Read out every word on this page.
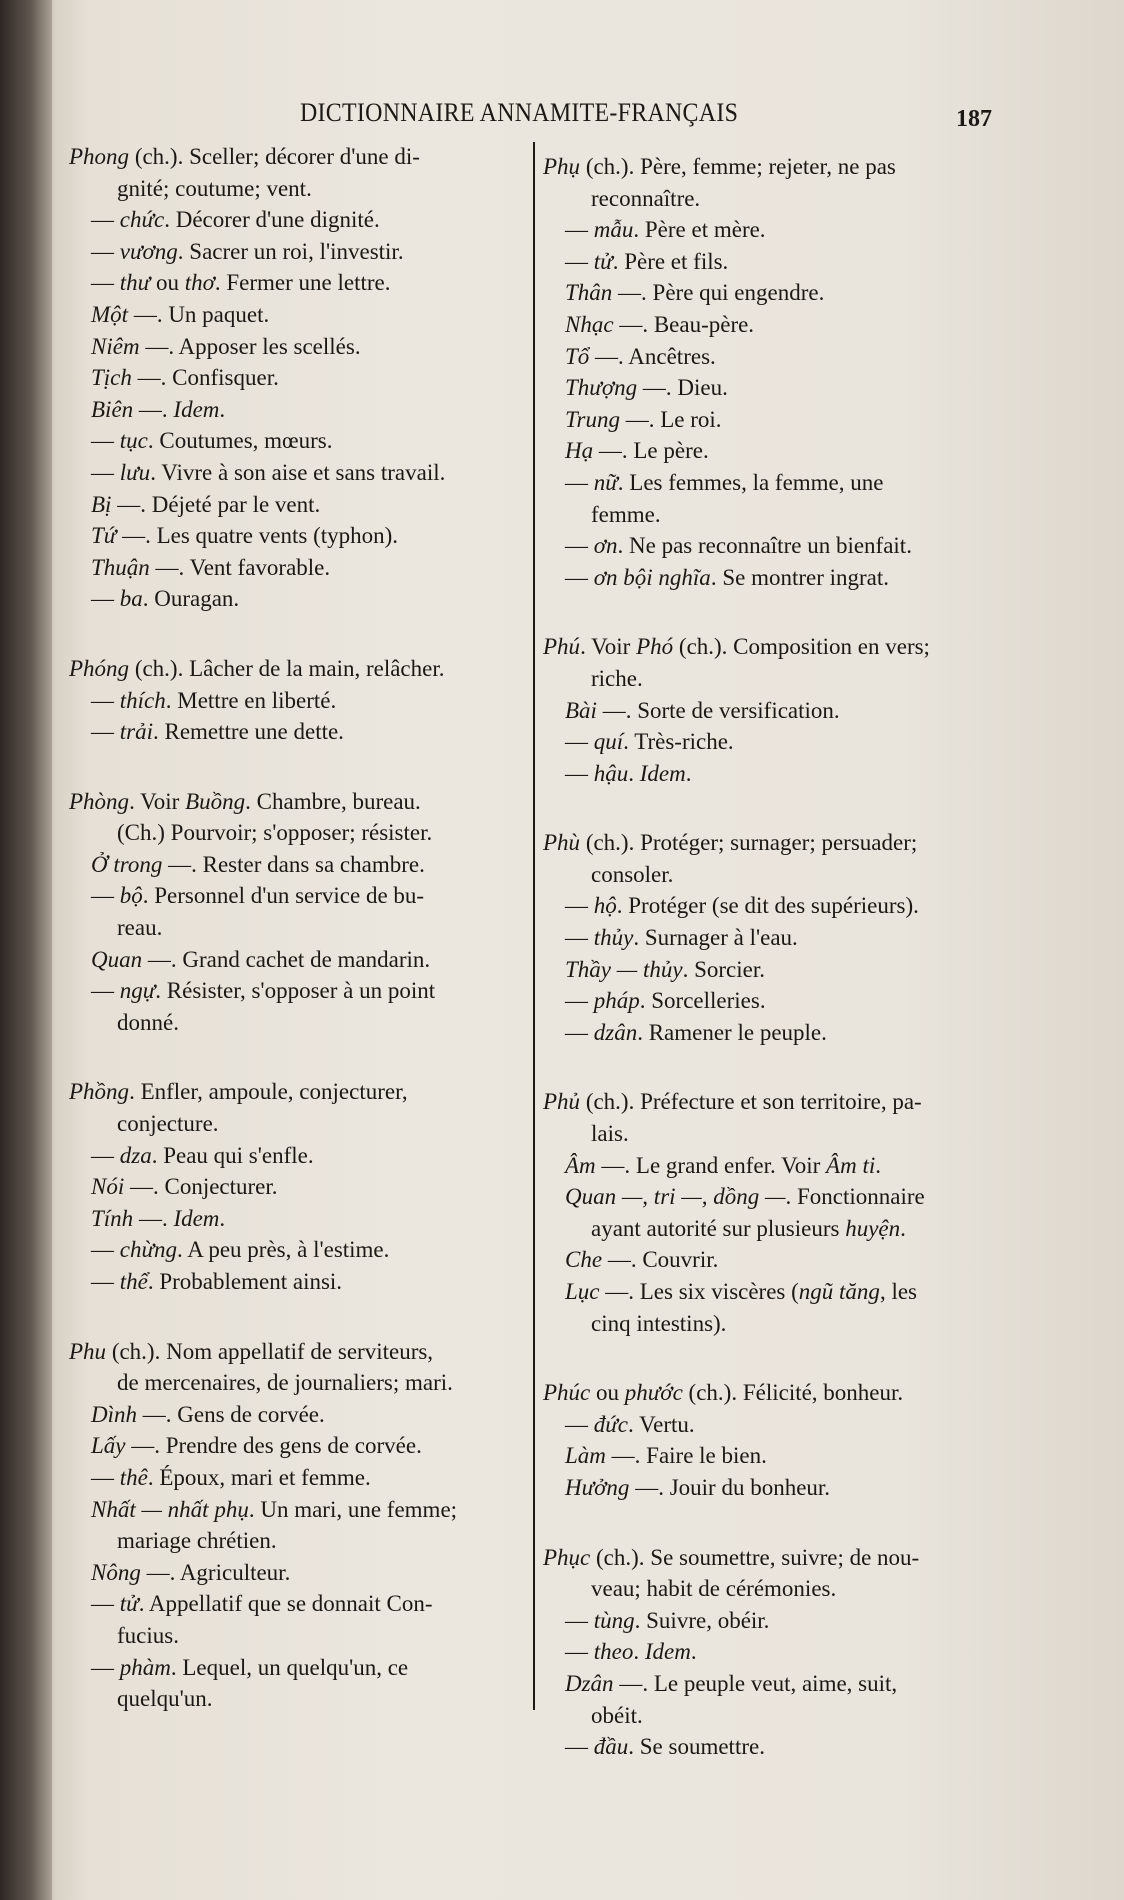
DICTIONNAIRE ANNAMITE-FRANÇAIS	187
Phong (ch.). Sceller; décorer d'une di-
gnité; coutume; vent.
— chức. Décorer d'une dignité.
— vương. Sacrer un roi, l'investir.
— thư ou thơ. Fermer une lettre.
Một —. Un paquet.
Niêm —. Apposer les scellés.
Tịch —. Confisquer.
Biên —. Idem.
— tục. Coutumes, mœurs.
— lưu. Vivre à son aise et sans travail.
Bị —. Déjeté par le vent.
Tứ —. Les quatre vents (typhon).
Thuận —. Vent favorable.
— ba. Ouragan.
Phóng (ch.). Lâcher de la main, relâcher.
— thích. Mettre en liberté.
— trải. Remettre une dette.
Phòng. Voir Buồng. Chambre, bureau.
(Ch.) Pourvoir; s'opposer; résister.
Ở trong —. Rester dans sa chambre.
— bộ. Personnel d'un service de bu-
reau.
Quan —. Grand cachet de mandarin.
— ngự. Résister, s'opposer à un point
donné.
Phồng. Enfler, ampoule, conjecturer,
conjecture.
— dza. Peau qui s'enfle.
Nói —. Conjecturer.
Tính —. Idem.
— chừng. A peu près, à l'estime.
— thể. Probablement ainsi.
Phu (ch.). Nom appellatif de serviteurs,
de mercenaires, de journaliers; mari.
Dình —. Gens de corvée.
Lấy —. Prendre des gens de corvée.
— thê. Époux, mari et femme.
Nhất — nhất phụ. Un mari, une femme;
mariage chrétien.
Nông —. Agriculteur.
— tử. Appellatif que se donnait Con-
fucius.
— phàm. Lequel, un quelqu'un, ce
quelqu'un.
Phụ (ch.). Père, femme; rejeter, ne pas
reconnaître.
— mẫu. Père et mère.
— tử. Père et fils.
Thân —. Père qui engendre.
Nhạc —. Beau-père.
Tổ —. Ancêtres.
Thượng —. Dieu.
Trung —. Le roi.
Hạ —. Le père.
— nữ. Les femmes, la femme, une
femme.
— ơn. Ne pas reconnaître un bienfait.
— ơn bội nghĩa. Se montrer ingrat.
Phú. Voir Phó (ch.). Composition en vers;
riche.
Bài —. Sorte de versification.
— quí. Très-riche.
— hậu. Idem.
Phù (ch.). Protéger; surnager; persuader;
consoler.
— hộ. Protéger (se dit des supérieurs).
— thủy. Surnager à l'eau.
Thầy — thủy. Sorcier.
— pháp. Sorcelleries.
— dzân. Ramener le peuple.
Phủ (ch.). Préfecture et son territoire, pa-
lais.
Âm —. Le grand enfer. Voir Âm ti.
Quan —, tri —, dồng —. Fonctionnaire
ayant autorité sur plusieurs huyện.
Che —. Couvrir.
Lục —. Les six viscères (ngũ tăng, les
cinq intestins).
Phúc ou phước (ch.). Félicité, bonheur.
— đức. Vertu.
Làm —. Faire le bien.
Hưởng —. Jouir du bonheur.
Phục (ch.). Se soumettre, suivre; de nou-
veau; habit de cérémonies.
— tùng. Suivre, obéir.
— theo. Idem.
Dzân —. Le peuple veut, aime, suit,
obéit.
— đầu. Se soumettre.
